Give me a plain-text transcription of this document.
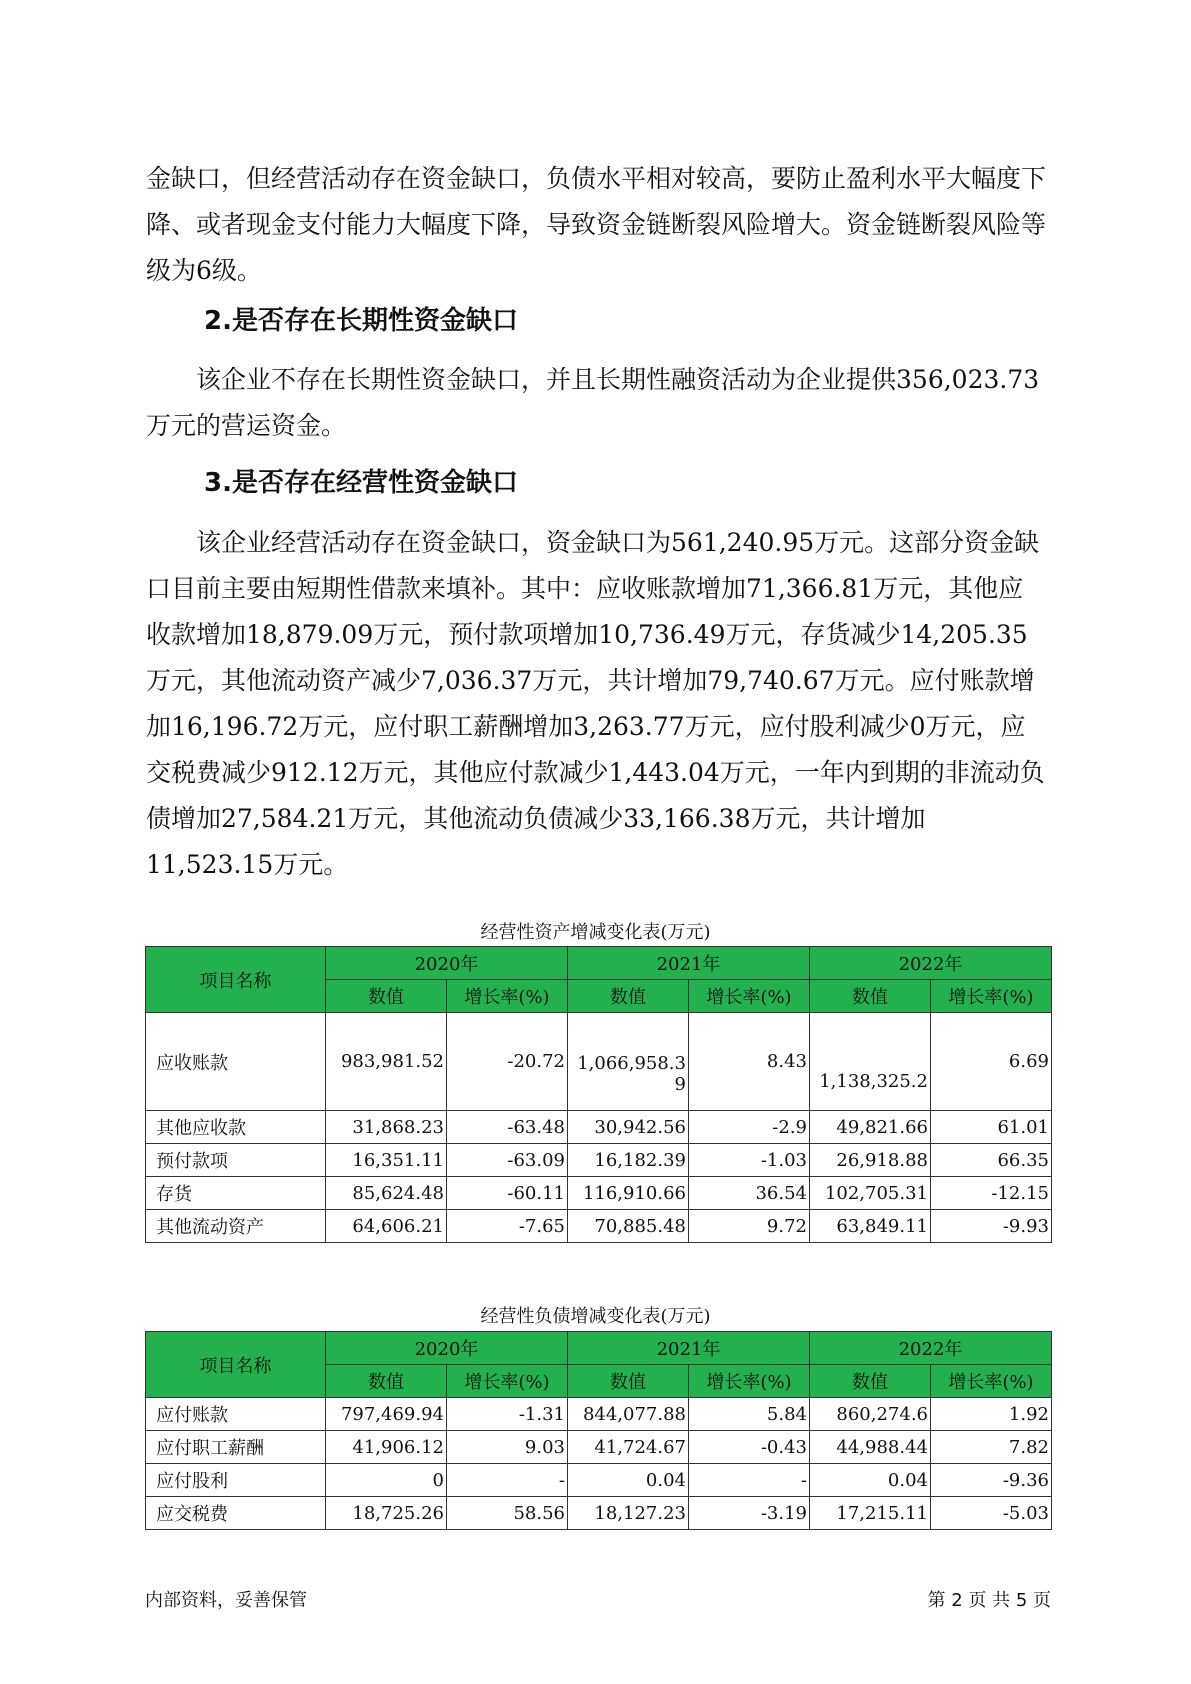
金缺口，但经营活动存在资金缺口，负债水平相对较高，要防止盈利水平大幅度下降、或者现金支付能力大幅度下降，导致资金链断裂风险增大。资金链断裂风险等级为6级。

2.是否存在长期性资金缺口

该企业不存在长期性资金缺口，并且长期性融资活动为企业提供356,023.73万元的营运资金。

3.是否存在经营性资金缺口

该企业经营活动存在资金缺口，资金缺口为561,240.95万元。这部分资金缺口目前主要由短期性借款来填补。其中：应收账款增加71,366.81万元，其他应收款增加18,879.09万元，预付款项增加10,736.49万元，存货减少14,205.35万元，其他流动资产减少7,036.37万元，共计增加79,740.67万元。应付账款增加16,196.72万元，应付职工薪酬增加3,263.77万元，应付股利减少0万元，应交税费减少912.12万元，其他应付款减少1,443.04万元，一年内到期的非流动负债增加27,584.21万元，其他流动负债减少33,166.38万元，共计增加11,523.15万元。

经营性资产增减变化表(万元)
项目名称	2020年		2021年		2022年	
	数值	增长率(%)	数值	增长率(%)	数值	增长率(%)
应收账款	983,981.52	-20.72	1,066,958.39	8.43	1,138,325.2	6.69
其他应收款	31,868.23	-63.48	30,942.56	-2.9	49,821.66	61.01
预付款项	16,351.11	-63.09	16,182.39	-1.03	26,918.88	66.35
存货	85,624.48	-60.11	116,910.66	36.54	102,705.31	-12.15
其他流动资产	64,606.21	-7.65	70,885.48	9.72	63,849.11	-9.93
经营性负债增减变化表(万元)
项目名称	2020年		2021年		2022年	
	数值	增长率(%)	数值	增长率(%)	数值	增长率(%)
应付账款	797,469.94	-1.31	844,077.88	5.84	860,274.6	1.92
应付职工薪酬	41,906.12	9.03	41,724.67	-0.43	44,988.44	7.82
应付股利	0	-	0.04	-	0.04	-9.36
应交税费	18,725.26	58.56	18,127.23	-3.19	17,215.11	-5.03
内部资料，妥善保管	第 2 页 共 5 页
